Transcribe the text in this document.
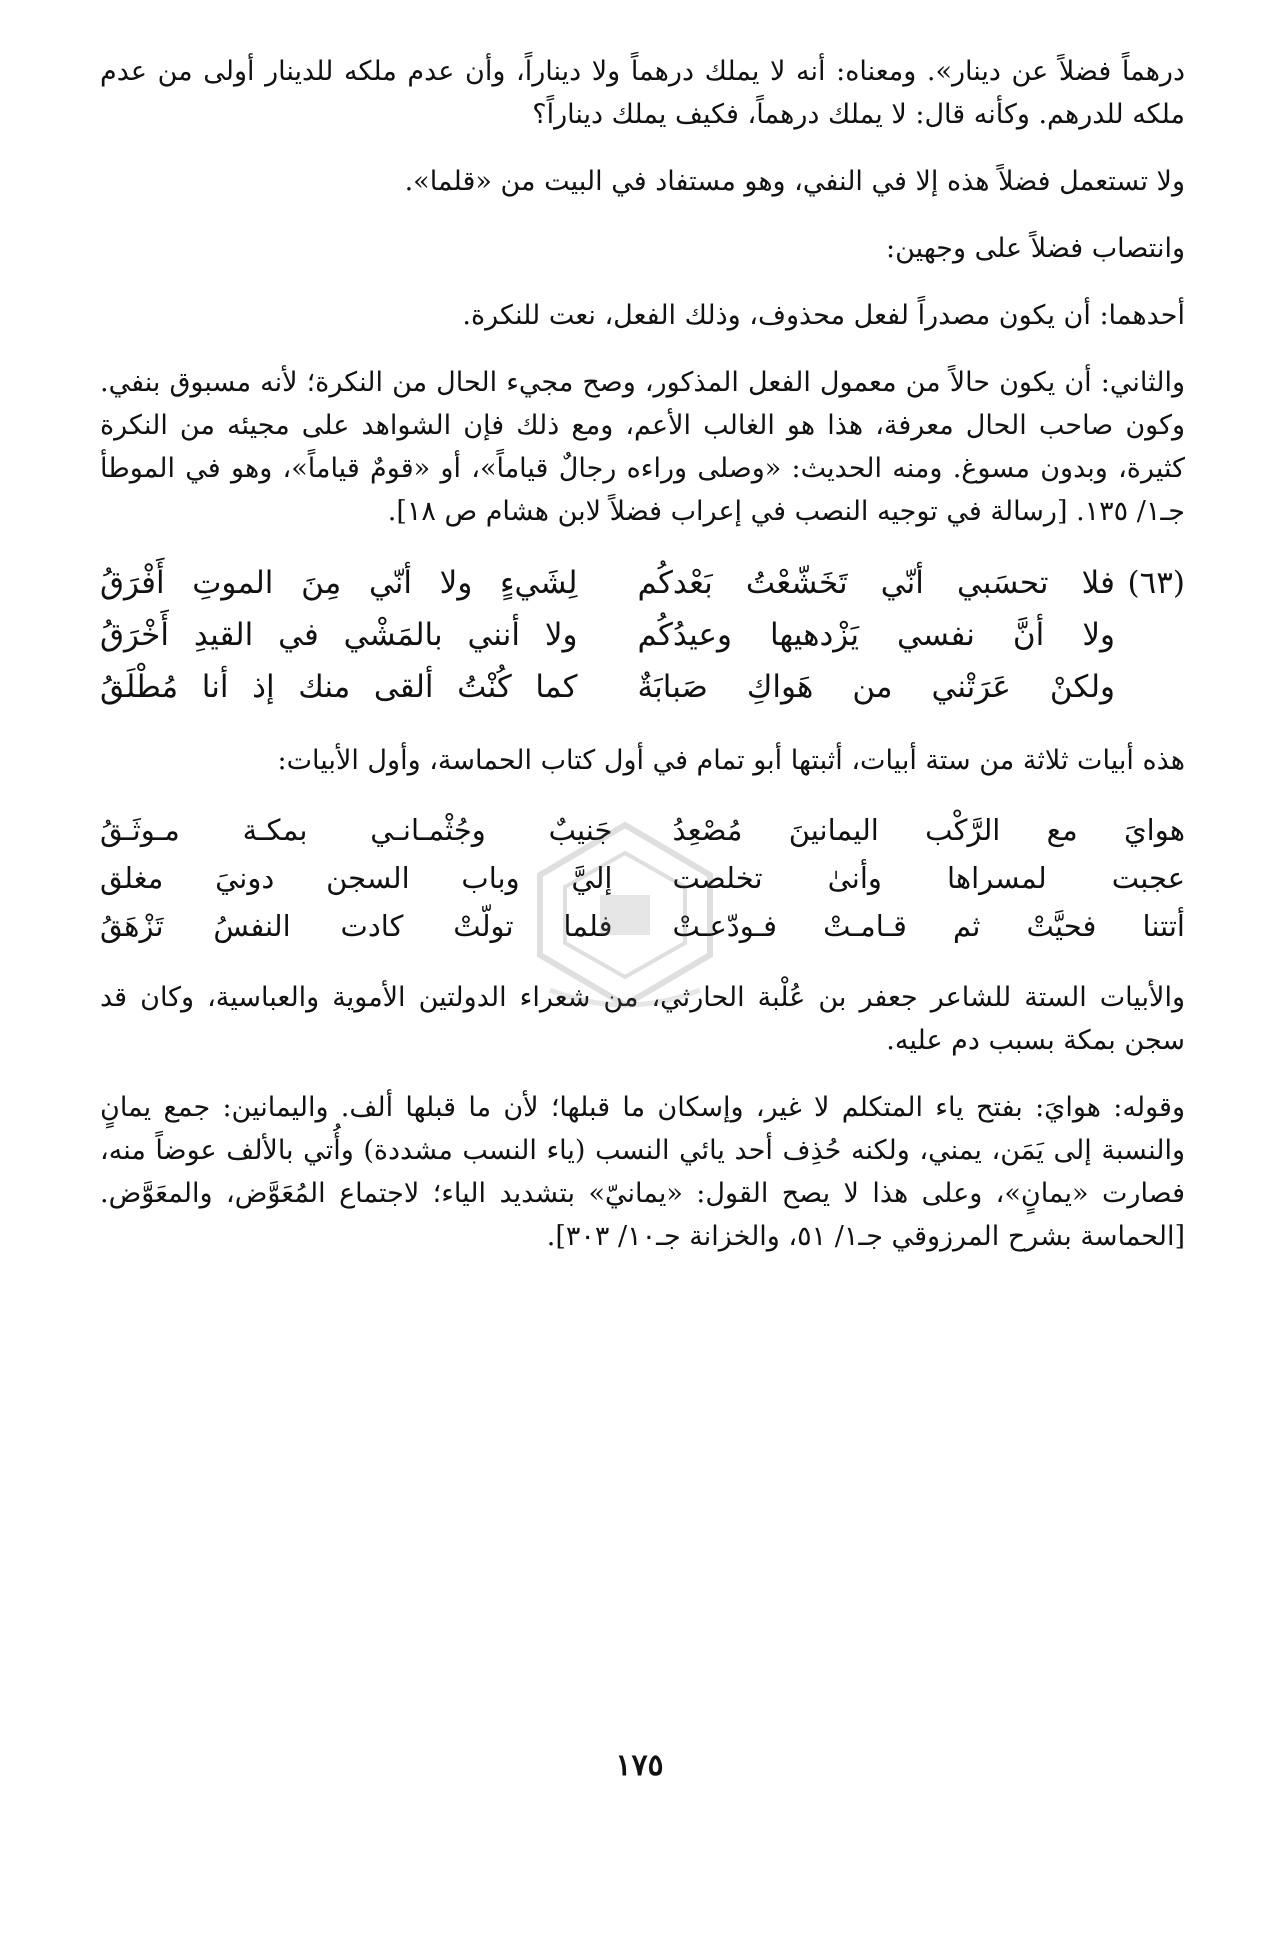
درهماً فضلاً عن دينار». ومعناه: أنه لا يملك درهماً ولا ديناراً، وأن عدم ملكه للدينار أولى من عدم ملكه للدرهم. وكأنه قال: لا يملك درهماً، فكيف يملك ديناراً؟

ولا تستعمل فضلاً هذه إلا في النفي، وهو مستفاد في البيت من «قلما».

وانتصاب فضلاً على وجهين:

أحدهما: أن يكون مصدراً لفعل محذوف، وذلك الفعل، نعت للنكرة.

والثاني: أن يكون حالاً من معمول الفعل المذكور، وصح مجيء الحال من النكرة؛ لأنه مسبوق بنفي. وكون صاحب الحال معرفة، هذا هو الغالب الأعم، ومع ذلك فإن الشواهد على مجيئه من النكرة كثيرة، وبدون مسوغ. ومنه الحديث: «وصلى وراءه رجالٌ قياماً»، أو «قومٌ قياماً»، وهو في الموطأ جـ١/ ١٣٥. [رسالة في توجيه النصب في إعراب فضلاً لابن هشام ص ١٨].

(٦٣)
فلا تحسَبي أنّي تَخَشّعْتُ بَعْدكُم
لِشَيءٍ ولا أنّي مِنَ الموتِ أَفْرَقُ
ولا أنَّ نفسي يَزْدهيها وعيدُكُم
ولا أنني بالمَشْي في القيدِ أَخْرَقُ
ولكنْ عَرَتْني من هَواكِ صَبابَةٌ
كما كُنْتُ ألقى منك إذ أنا مُطْلَقُ

هذه أبيات ثلاثة من ستة أبيات، أثبتها أبو تمام في أول كتاب الحماسة، وأول الأبيات:

هوايَ مع الرَّكْب اليمانينَ مُصْعِدُ
جَنيبٌ وجُثْمـانـي بمكـة مـوثَـقُ
عجبت لمسراها وأنىٰ تخلصت
إليَّ وباب السجن دونيَ مغلق
أتتنا فحيَّتْ ثم قـامـتْ فـودّعـتْ
فلما تولّتْ كادت النفسُ تَزْهَقُ

والأبيات الستة للشاعر جعفر بن عُلْبة الحارثي، من شعراء الدولتين الأموية والعباسية، وكان قد سجن بمكة بسبب دم عليه.

وقوله: هوايَ: بفتح ياء المتكلم لا غير، وإسكان ما قبلها؛ لأن ما قبلها ألف. واليمانين: جمع يمانٍ والنسبة إلى يَمَن، يمني، ولكنه حُذِف أحد يائي النسب (ياء النسب مشددة) وأُتي بالألف عوضاً منه، فصارت «يمانٍ»، وعلى هذا لا يصح القول: «يمانيّ» بتشديد الياء؛ لاجتماع المُعَوَّض، والمعَوَّض. [الحماسة بشرح المرزوقي جـ١/ ٥١، والخزانة جـ١٠/ ٣٠٣].

١٧٥
